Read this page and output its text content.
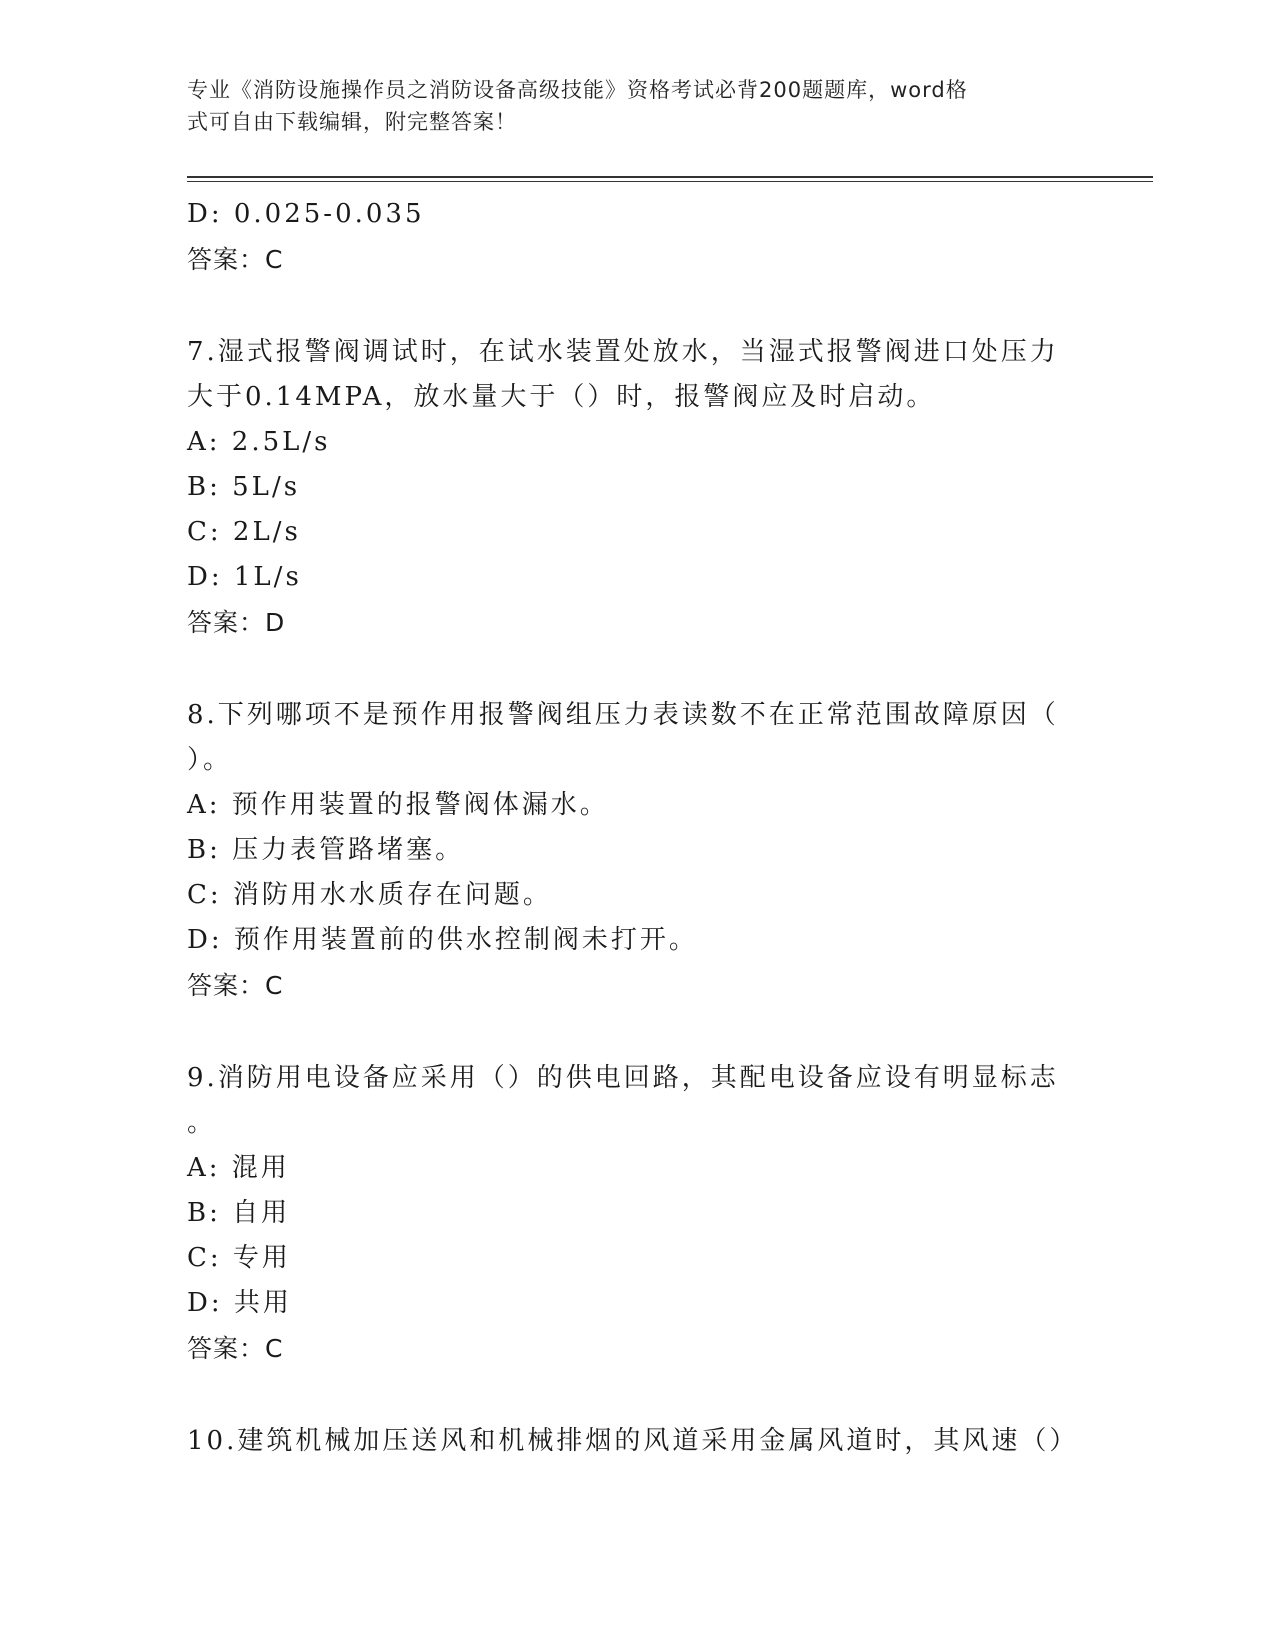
专业《消防设施操作员之消防设备高级技能》资格考试必背200题题库，word格
式可自由下载编辑，附完整答案！
D: 0.025-0.035
答案：C
7.湿式报警阀调试时，在试水装置处放水，当湿式报警阀进口处压力
大于0.14MPA，放水量大于（）时，报警阀应及时启动。
A: 2.5L/s
B: 5L/s
C: 2L/s
D: 1L/s
答案：D
8.下列哪项不是预作用报警阀组压力表读数不在正常范围故障原因（
）。
A: 预作用装置的报警阀体漏水。
B: 压力表管路堵塞。
C: 消防用水水质存在问题。
D: 预作用装置前的供水控制阀未打开。
答案：C
9.消防用电设备应采用（）的供电回路，其配电设备应设有明显标志
。
A: 混用
B: 自用
C: 专用
D: 共用
答案：C
10.建筑机械加压送风和机械排烟的风道采用金属风道时，其风速（）
